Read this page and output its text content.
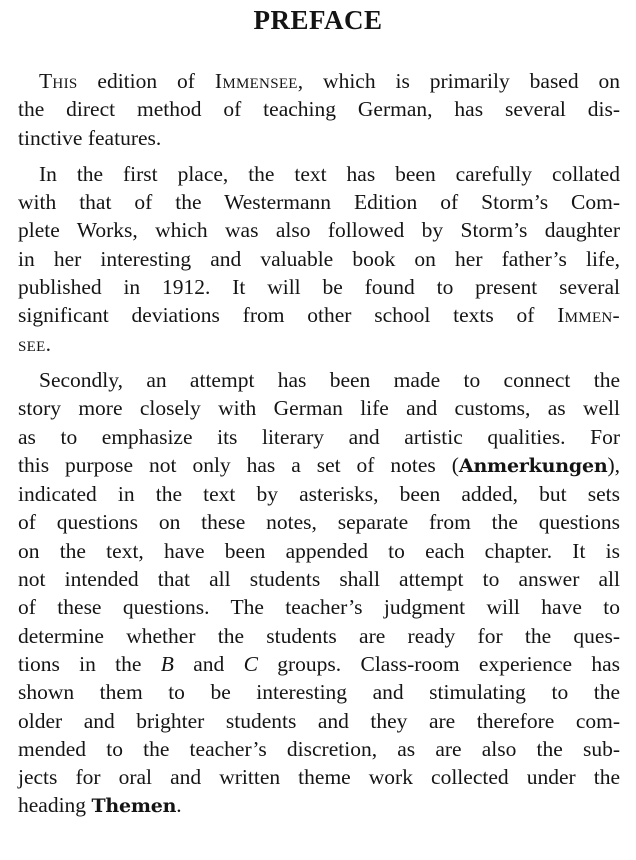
PREFACE

This edition of Immensee, which is primarily based on
the direct method of teaching German, has several dis-
tinctive features.

In the first place, the text has been carefully collated
with that of the Westermann Edition of Storm’s Com-
plete Works, which was also followed by Storm’s daughter
in her interesting and valuable book on her father’s life,
published in 1912. It will be found to present several
significant deviations from other school texts of Immen-
see.

Secondly, an attempt has been made to connect the
story more closely with German life and customs, as well
as to emphasize its literary and artistic qualities. For
this purpose not only has a set of notes (Anmerkungen),
indicated in the text by asterisks, been added, but sets
of questions on these notes, separate from the questions
on the text, have been appended to each chapter. It is
not intended that all students shall attempt to answer all
of these questions. The teacher’s judgment will have to
determine whether the students are ready for the ques-
tions in the B and C groups. Class-room experience has
shown them to be interesting and stimulating to the
older and brighter students and they are therefore com-
mended to the teacher’s discretion, as are also the sub-
jects for oral and written theme work collected under the
heading Themen.
